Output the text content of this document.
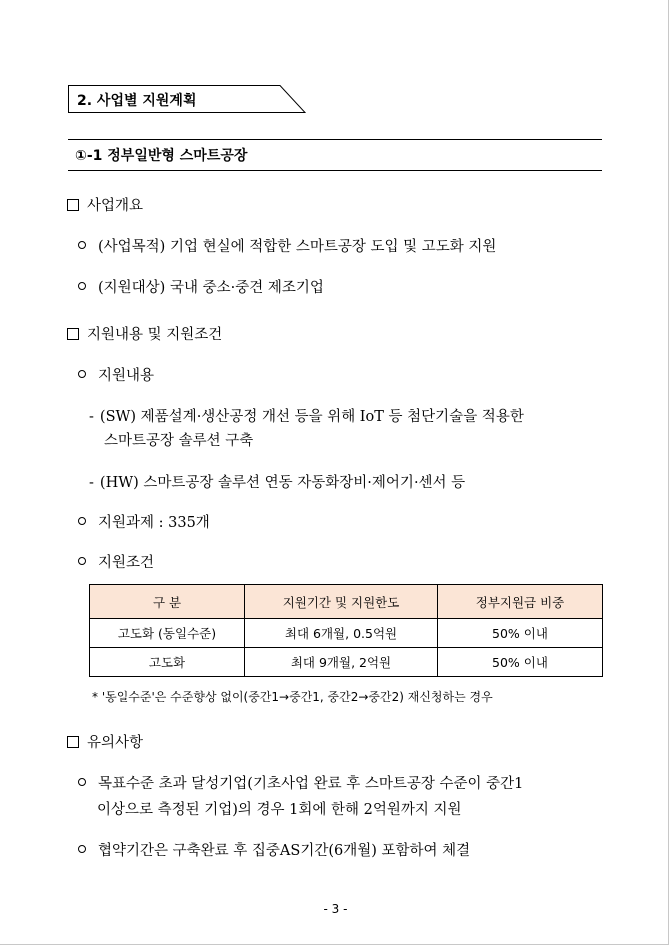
2. 사업별 지원계획
①-1 정부일반형 스마트공장
사업개요
(사업목적) 기업 현실에 적합한 스마트공장 도입 및 고도화 지원
(지원대상) 국내 중소·중견 제조기업
지원내용 및 지원조건
지원내용
- (SW) 제품설계·생산공정 개선 등을 위해 IoT 등 첨단기술을 적용한
스마트공장 솔루션 구축
- (HW) 스마트공장 솔루션 연동 자동화장비·제어기·센서 등
지원과제 : 335개
지원조건
구 분	지원기간 및 지원한도	정부지원금 비중
고도화 (동일수준)	최대 6개월, 0.5억원	50% 이내
고도화	최대 9개월, 2억원	50% 이내
* '동일수준'은 수준향상 없이(중간1→중간1, 중간2→중간2) 재신청하는 경우
유의사항
목표수준 초과 달성기업(기초사업 완료 후 스마트공장 수준이 중간1
이상으로 측정된 기업)의 경우 1회에 한해 2억원까지 지원
협약기간은 구축완료 후 집중AS기간(6개월) 포함하여 체결
- 3 -
